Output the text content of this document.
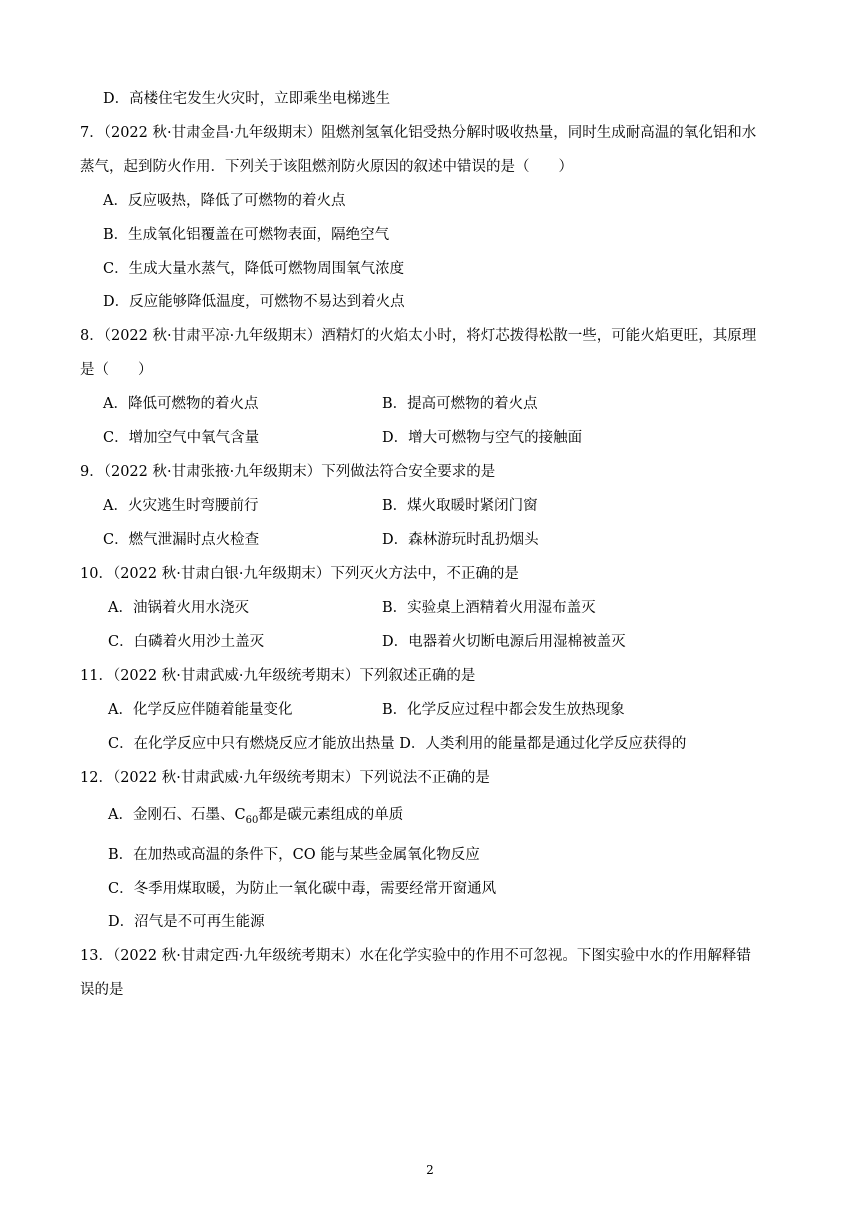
D．高楼住宅发生火灾时，立即乘坐电梯逃生
7．（2022 秋·甘肃金昌·九年级期末）阻燃剂氢氧化铝受热分解时吸收热量，同时生成耐高温的氧化铝和水
蒸气，起到防火作用．下列关于该阻燃剂防火原因的叙述中错误的是（　　）
A．反应吸热，降低了可燃物的着火点
B．生成氧化铝覆盖在可燃物表面，隔绝空气
C．生成大量水蒸气，降低可燃物周围氧气浓度
D．反应能够降低温度，可燃物不易达到着火点
8．（2022 秋·甘肃平凉·九年级期末）酒精灯的火焰太小时，将灯芯拨得松散一些，可能火焰更旺，其原理
是（　　）
A．降低可燃物的着火点	B．提高可燃物的着火点
C．增加空气中氧气含量	D．增大可燃物与空气的接触面
9．（2022 秋·甘肃张掖·九年级期末）下列做法符合安全要求的是
A．火灾逃生时弯腰前行	B．煤火取暖时紧闭门窗
C．燃气泄漏时点火检查	D．森林游玩时乱扔烟头
10．（2022 秋·甘肃白银·九年级期末）下列灭火方法中，不正确的是
A．油锅着火用水浇灭	B．实验桌上酒精着火用湿布盖灭
C．白磷着火用沙土盖灭	D．电器着火切断电源后用湿棉被盖灭
11．（2022 秋·甘肃武威·九年级统考期末）下列叙述正确的是
A．化学反应伴随着能量变化	B．化学反应过程中都会发生放热现象
C．在化学反应中只有燃烧反应才能放出热量 D．人类利用的能量都是通过化学反应获得的
12．（2022 秋·甘肃武威·九年级统考期末）下列说法不正确的是
A．金刚石、石墨、$C_{60}$都是碳元素组成的单质
B．在加热或高温的条件下，CO 能与某些金属氧化物反应
C．冬季用煤取暖，为防止一氧化碳中毒，需要经常开窗通风
D．沼气是不可再生能源
13．（2022 秋·甘肃定西·九年级统考期末）水在化学实验中的作用不可忽视。下图实验中水的作用解释错
误的是
2
